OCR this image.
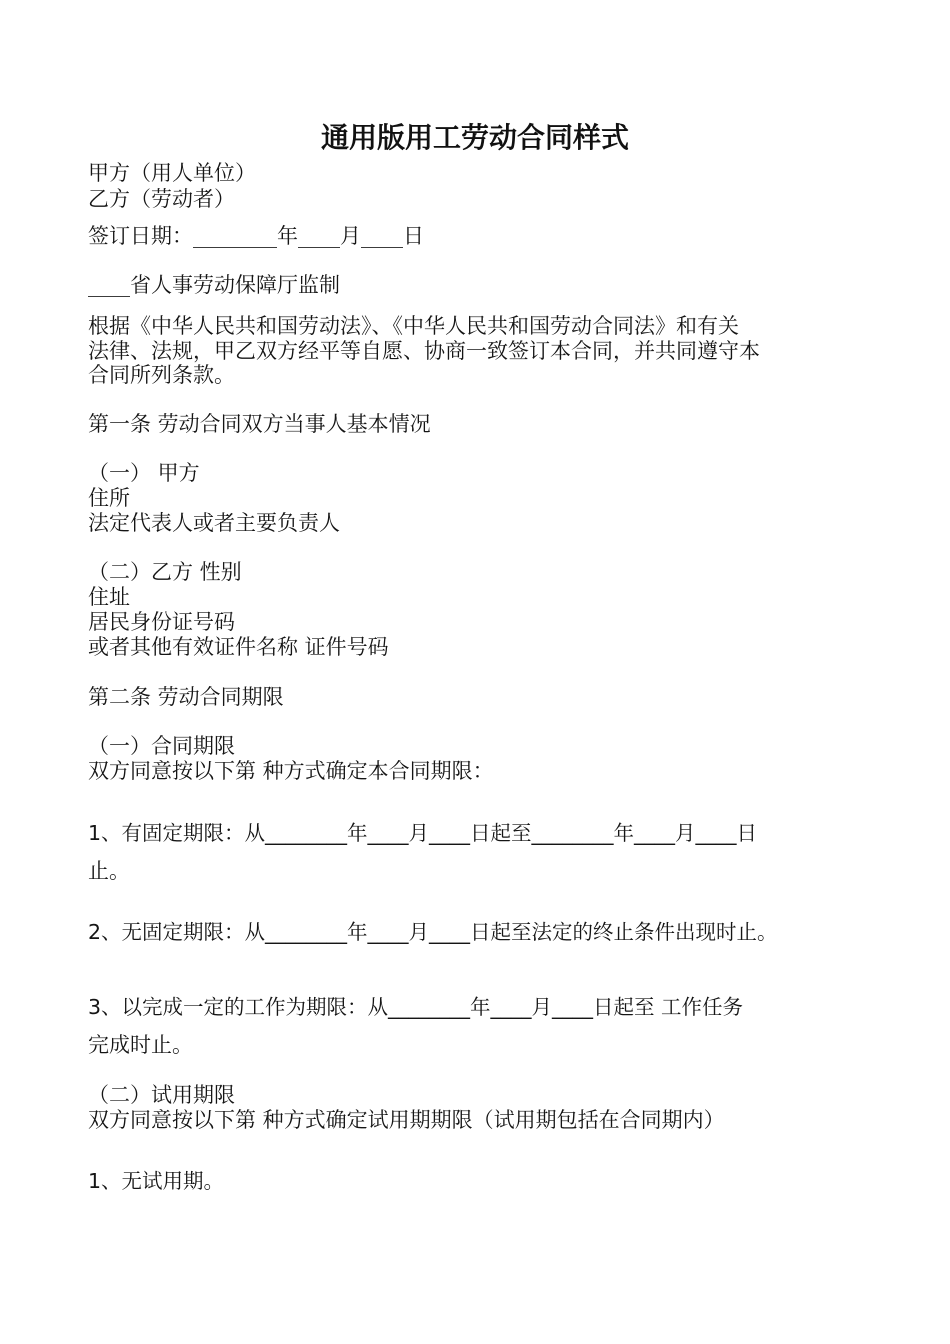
通用版用工劳动合同样式
甲方（用人单位）
乙方（劳动者）
签订日期：________年____月____日
____省人事劳动保障厅监制
根据《中华人民共和国劳动法》、《中华人民共和国劳动合同法》和有关
法律、法规，甲乙双方经平等自愿、协商一致签订本合同，并共同遵守本
合同所列条款。
第一条 劳动合同双方当事人基本情况
（一） 甲方
住所
法定代表人或者主要负责人
（二）乙方 性别
住址
居民身份证号码
或者其他有效证件名称 证件号码
第二条 劳动合同期限
（一）合同期限
双方同意按以下第 种方式确定本合同期限：
1、有固定期限：从________年____月____日起至________年____月____日
止。
2、无固定期限：从________年____月____日起至法定的终止条件出现时止。
3、以完成一定的工作为期限：从________年____月____日起至 工作任务
完成时止。
（二）试用期限
双方同意按以下第 种方式确定试用期期限（试用期包括在合同期内）
1、无试用期。
